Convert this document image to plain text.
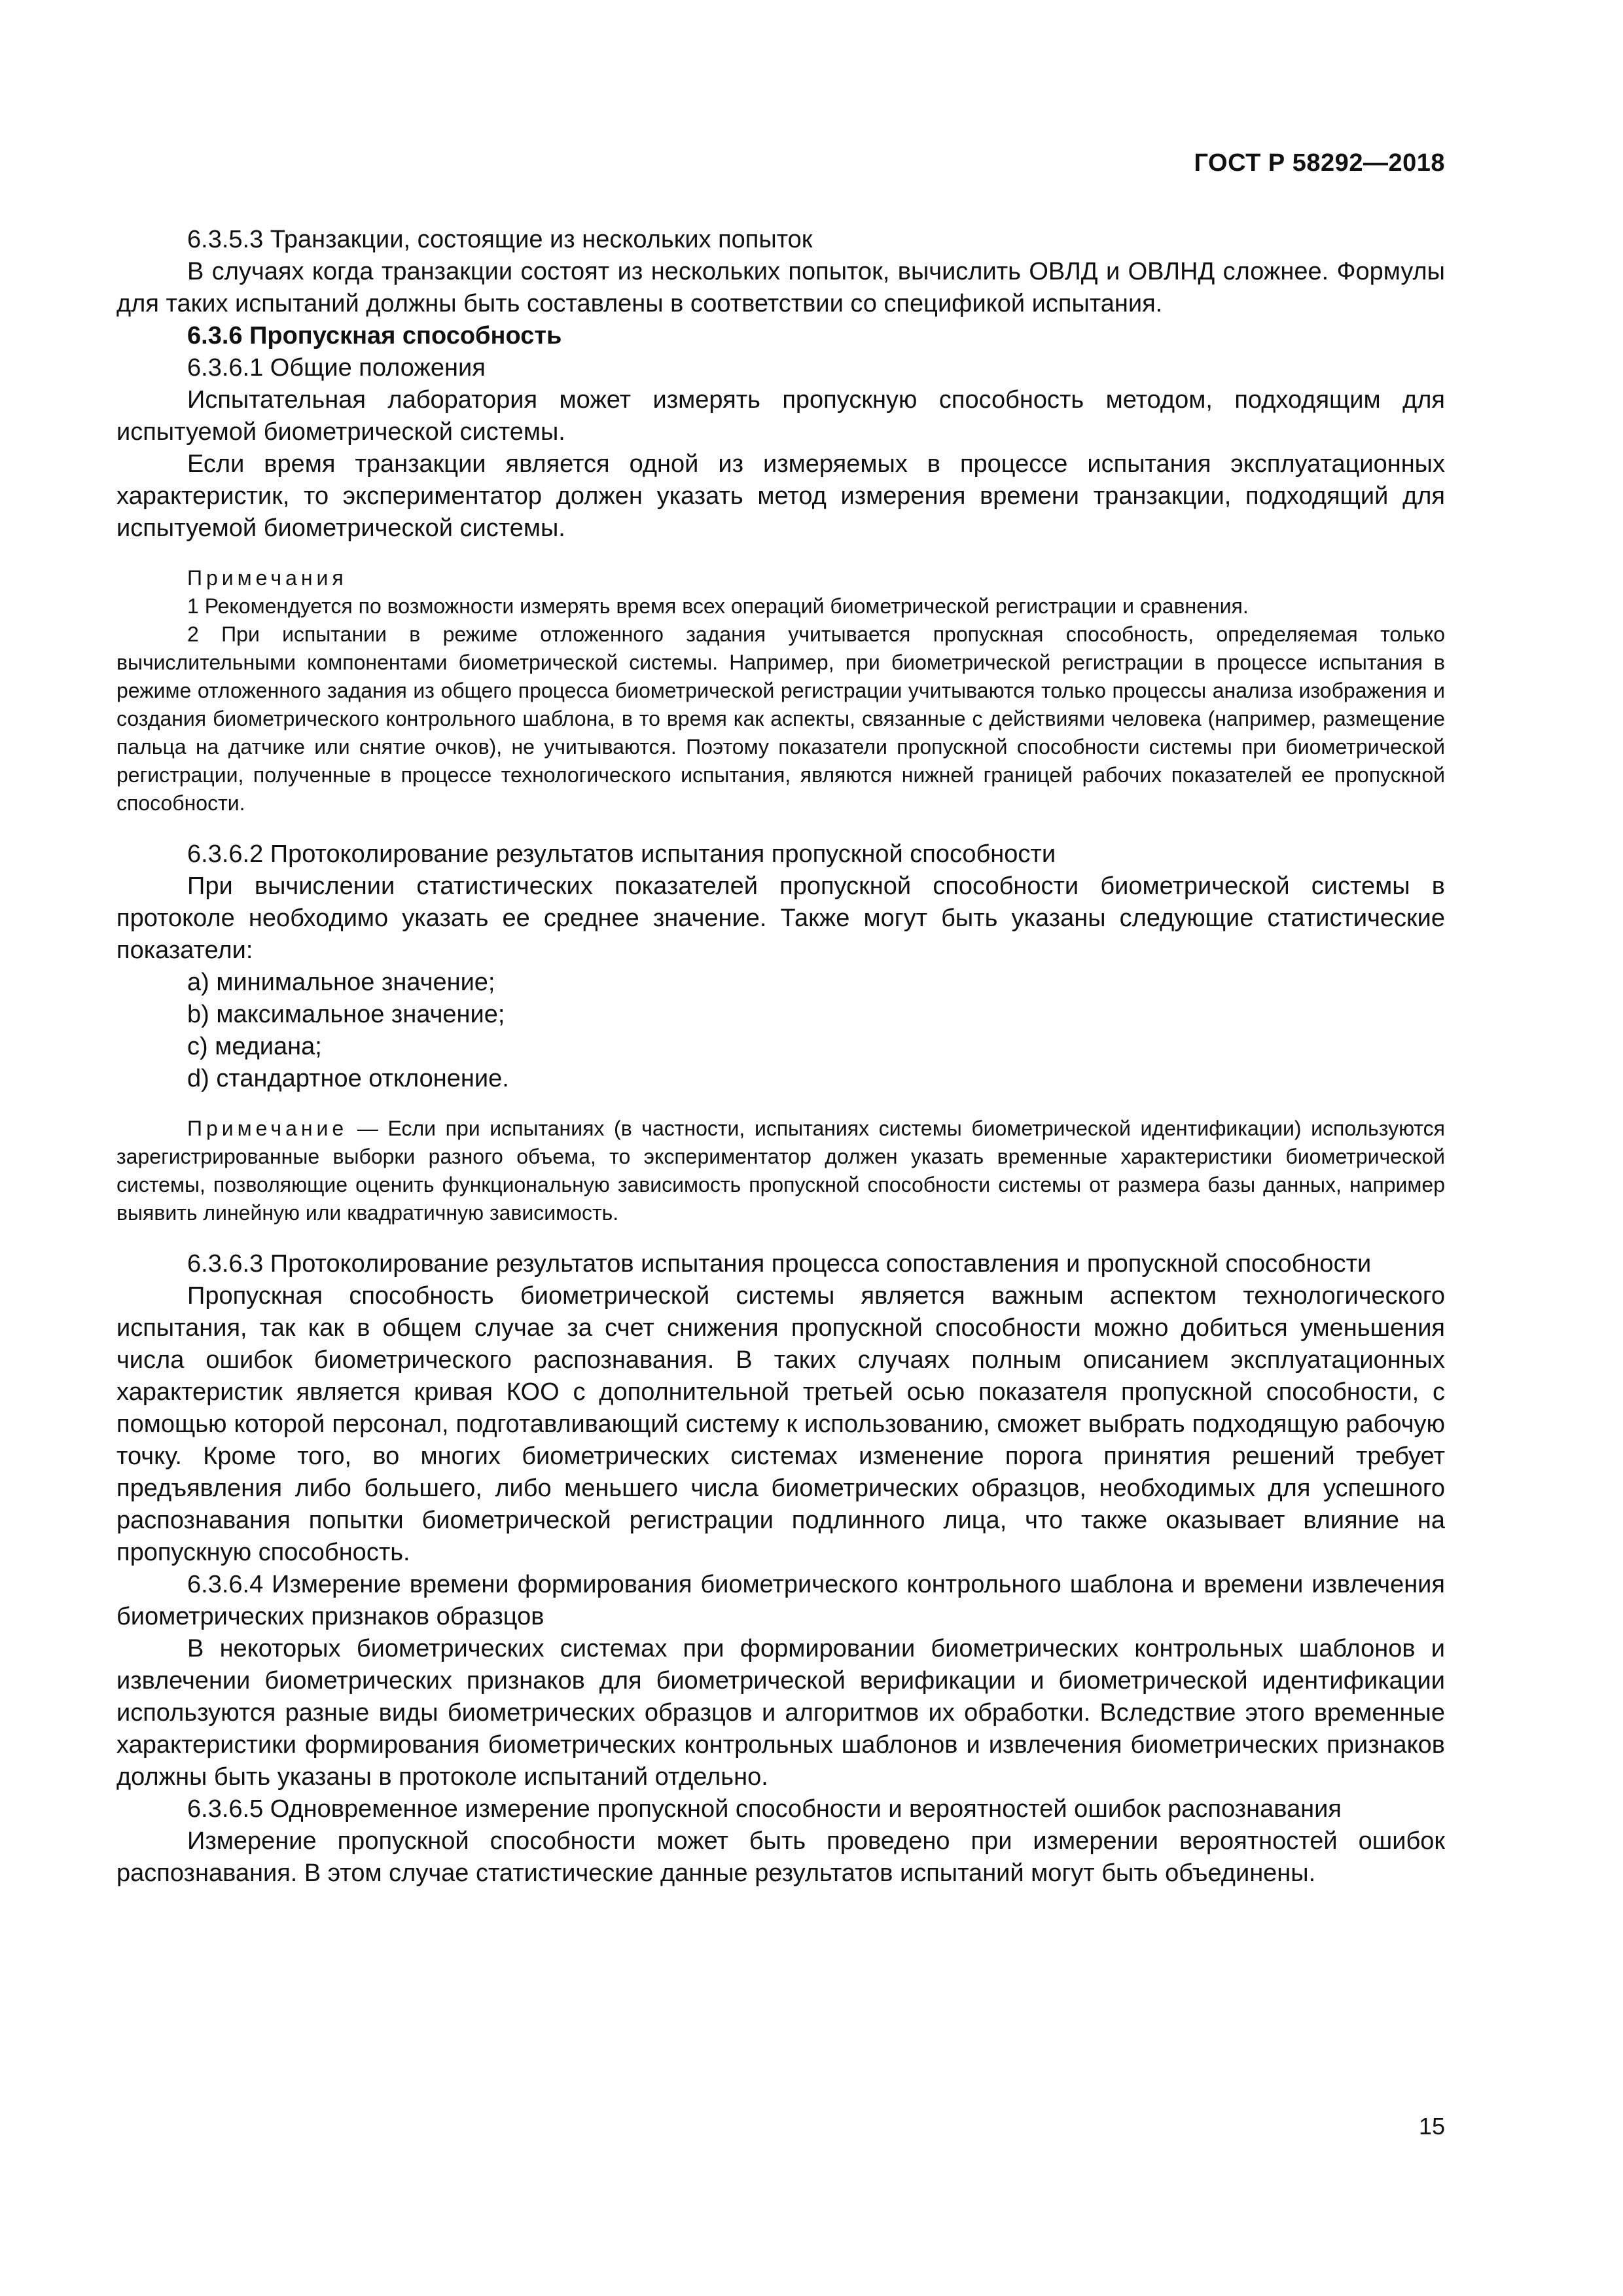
ГОСТ Р 58292—2018

6.3.5.3 Транзакции, состоящие из нескольких попыток

В случаях когда транзакции состоят из нескольких попыток, вычислить ОВЛД и ОВЛНД сложнее. Формулы для таких испытаний должны быть составлены в соответствии со спецификой испытания.

6.3.6 Пропускная способность

6.3.6.1 Общие положения

Испытательная лаборатория может измерять пропускную способность методом, подходящим для испытуемой биометрической системы.

Если время транзакции является одной из измеряемых в процессе испытания эксплуатационных характеристик, то экспериментатор должен указать метод измерения времени транзакции, подходящий для испытуемой биометрической системы.

Примечания

1 Рекомендуется по возможности измерять время всех операций биометрической регистрации и сравнения.

2 При испытании в режиме отложенного задания учитывается пропускная способность, определяемая только вычислительными компонентами биометрической системы. Например, при биометрической регистрации в процессе испытания в режиме отложенного задания из общего процесса биометрической регистрации учитываются только процессы анализа изображения и создания биометрического контрольного шаблона, в то время как аспекты, связанные с действиями человека (например, размещение пальца на датчике или снятие очков), не учитываются. Поэтому показатели пропускной способности системы при биометрической регистрации, полученные в процессе технологического испытания, являются нижней границей рабочих показателей ее пропускной способности.

6.3.6.2 Протоколирование результатов испытания пропускной способности

При вычислении статистических показателей пропускной способности биометрической системы в протоколе необходимо указать ее среднее значение. Также могут быть указаны следующие статистические показатели:

a) минимальное значение;

b) максимальное значение;

c) медиана;

d) стандартное отклонение.

Примечание — Если при испытаниях (в частности, испытаниях системы биометрической идентификации) используются зарегистрированные выборки разного объема, то экспериментатор должен указать временные характеристики биометрической системы, позволяющие оценить функциональную зависимость пропускной способности системы от размера базы данных, например выявить линейную или квадратичную зависимость.

6.3.6.3 Протоколирование результатов испытания процесса сопоставления и пропускной способности

Пропускная способность биометрической системы является важным аспектом технологического испытания, так как в общем случае за счет снижения пропускной способности можно добиться уменьшения числа ошибок биометрического распознавания. В таких случаях полным описанием эксплуатационных характеристик является кривая КОО с дополнительной третьей осью показателя пропускной способности, с помощью которой персонал, подготавливающий систему к использованию, сможет выбрать подходящую рабочую точку. Кроме того, во многих биометрических системах изменение порога принятия решений требует предъявления либо большего, либо меньшего числа биометрических образцов, необходимых для успешного распознавания попытки биометрической регистрации подлинного лица, что также оказывает влияние на пропускную способность.

6.3.6.4 Измерение времени формирования биометрического контрольного шаблона и времени извлечения биометрических признаков образцов

В некоторых биометрических системах при формировании биометрических контрольных шаблонов и извлечении биометрических признаков для биометрической верификации и биометрической идентификации используются разные виды биометрических образцов и алгоритмов их обработки. Вследствие этого временные характеристики формирования биометрических контрольных шаблонов и извлечения биометрических признаков должны быть указаны в протоколе испытаний отдельно.

6.3.6.5 Одновременное измерение пропускной способности и вероятностей ошибок распознавания

Измерение пропускной способности может быть проведено при измерении вероятностей ошибок распознавания. В этом случае статистические данные результатов испытаний могут быть объединены.

15
